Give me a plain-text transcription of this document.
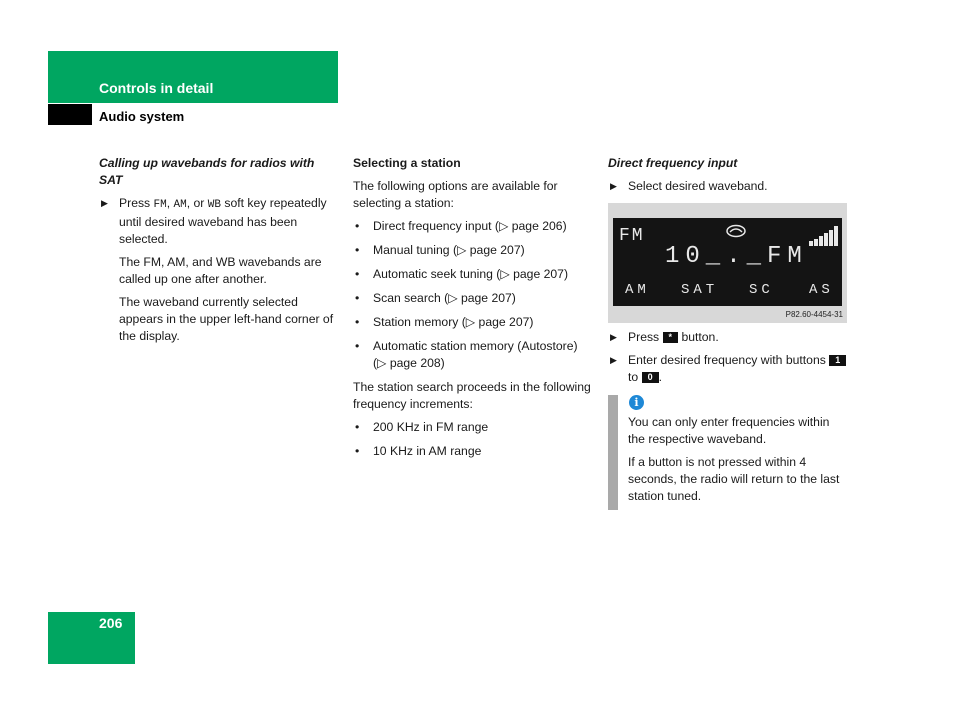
Controls in detail
Audio system
Calling up wavebands for radios with SAT
▶ Press FM, AM, or WB soft key repeatedly until desired waveband has been selected.

The FM, AM, and WB wavebands are called up one after another.

The waveband currently selected appears in the upper left-hand corner of the display.

Selecting a station

The following options are available for selecting a station:

• Direct frequency input (▷ page 206)
• Manual tuning (▷ page 207)
• Automatic seek tuning (▷ page 207)
• Scan search (▷ page 207)
• Station memory (▷ page 207)
• Automatic station memory (Autostore) (▷ page 208)

The station search proceeds in the following frequency increments:

• 200 KHz in FM range
• 10 KHz in AM range
Direct frequency input
▶ Select desired waveband.
FM
10_._FM
AM SAT SC	AS
P82.60-4454-31
▶ Press * button.
▶ Enter desired frequency with buttons 1 to 0 .
i

You can only enter frequencies within the respective waveband.

If a button is not pressed within 4 seconds, the radio will return to the last station tuned.

206
